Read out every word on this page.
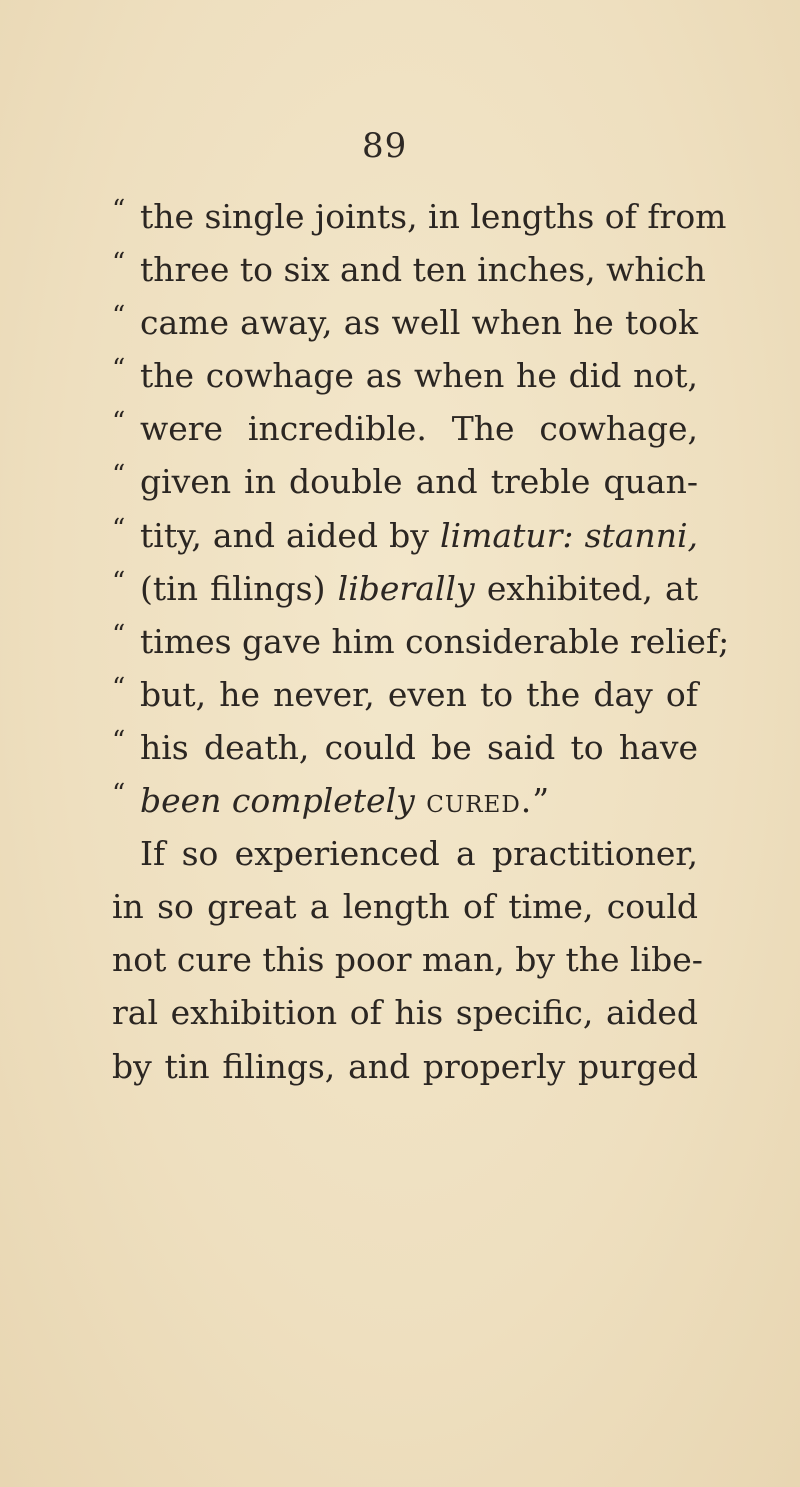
89
“ the single joints, in lengths of from
“ three to six and ten inches, which
“ came away, as well when he took
“ the cowhage as when he did not,
“ were incredible. The cowhage,
“ given in double and treble quan-
“ tity, and aided by limatur: stanni,
“ (tin filings) liberally exhibited, at
“ times gave him considerable relief;
“ but, he never, even to the day of
“ his death, could be said to have
“ been completely cured.”
If so experienced a practitioner,
in so great a length of time, could
not cure this poor man, by the libe-
ral exhibition of his specific, aided
by tin filings, and properly purged
